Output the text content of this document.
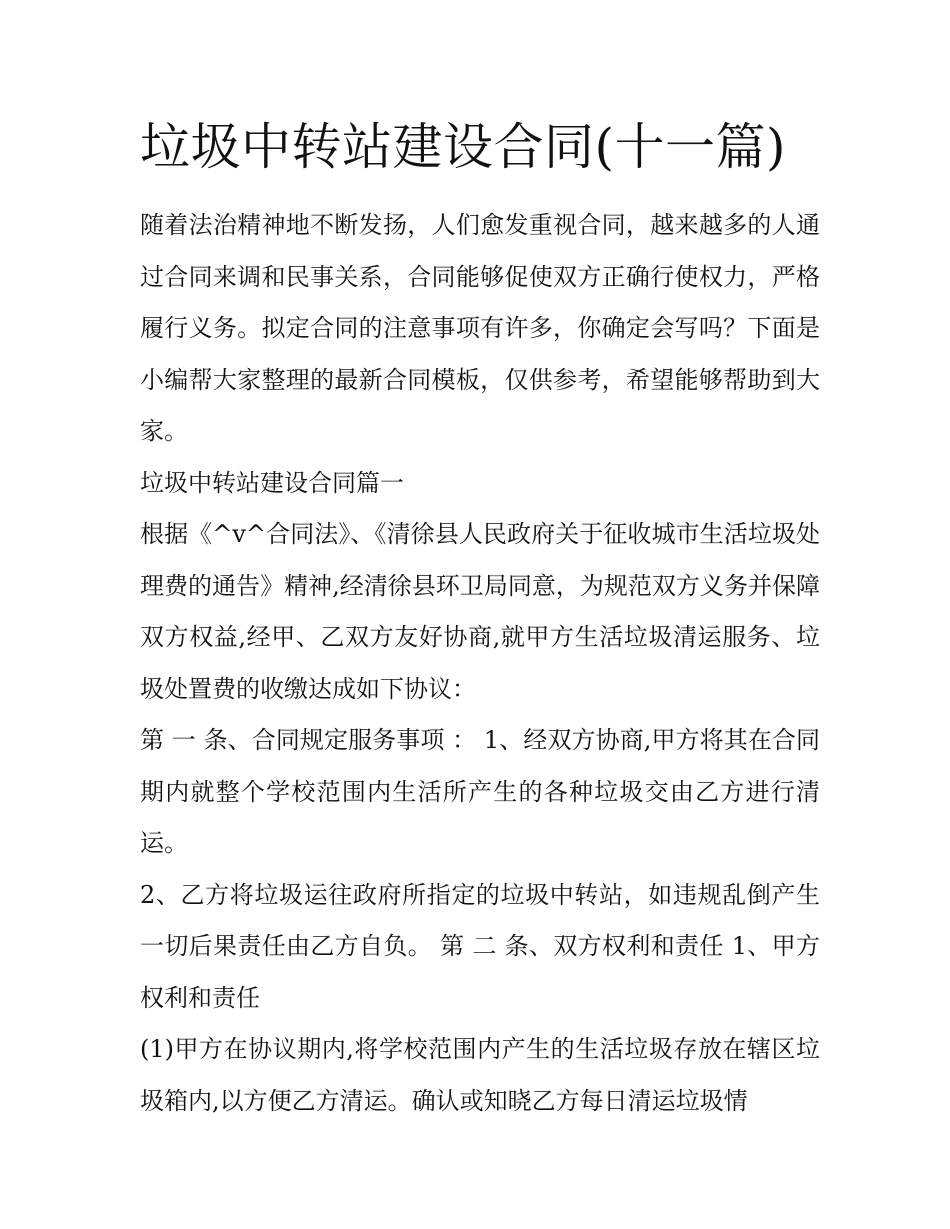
垃圾中转站建设合同(十一篇)

随着法治精神地不断发扬，人们愈发重视合同，越来越多的人通过合同来调和民事关系，合同能够促使双方正确行使权力，严格履行义务。拟定合同的注意事项有许多，你确定会写吗？下面是小编帮大家整理的最新合同模板，仅供参考，希望能够帮助到大家。

垃圾中转站建设合同篇一

根据《^v^合同法》、《清徐县人民政府关于征收城市生活垃圾处理费的通告》精神,经清徐县环卫局同意，为规范双方义务并保障双方权益,经甲、乙双方友好协商,就甲方生活垃圾清运服务、垃圾处置费的收缴达成如下协议：

第 一 条、合同规定服务事项 ： 1、经双方协商,甲方将其在合同期内就整个学校范围内生活所产生的各种垃圾交由乙方进行清运。

2、乙方将垃圾运往政府所指定的垃圾中转站，如违规乱倒产生一切后果责任由乙方自负。 第 二 条、双方权利和责任 1、甲方权利和责任

(1)甲方在协议期内,将学校范围内产生的生活垃圾存放在辖区垃圾箱内,以方便乙方清运。确认或知晓乙方每日清运垃圾情
